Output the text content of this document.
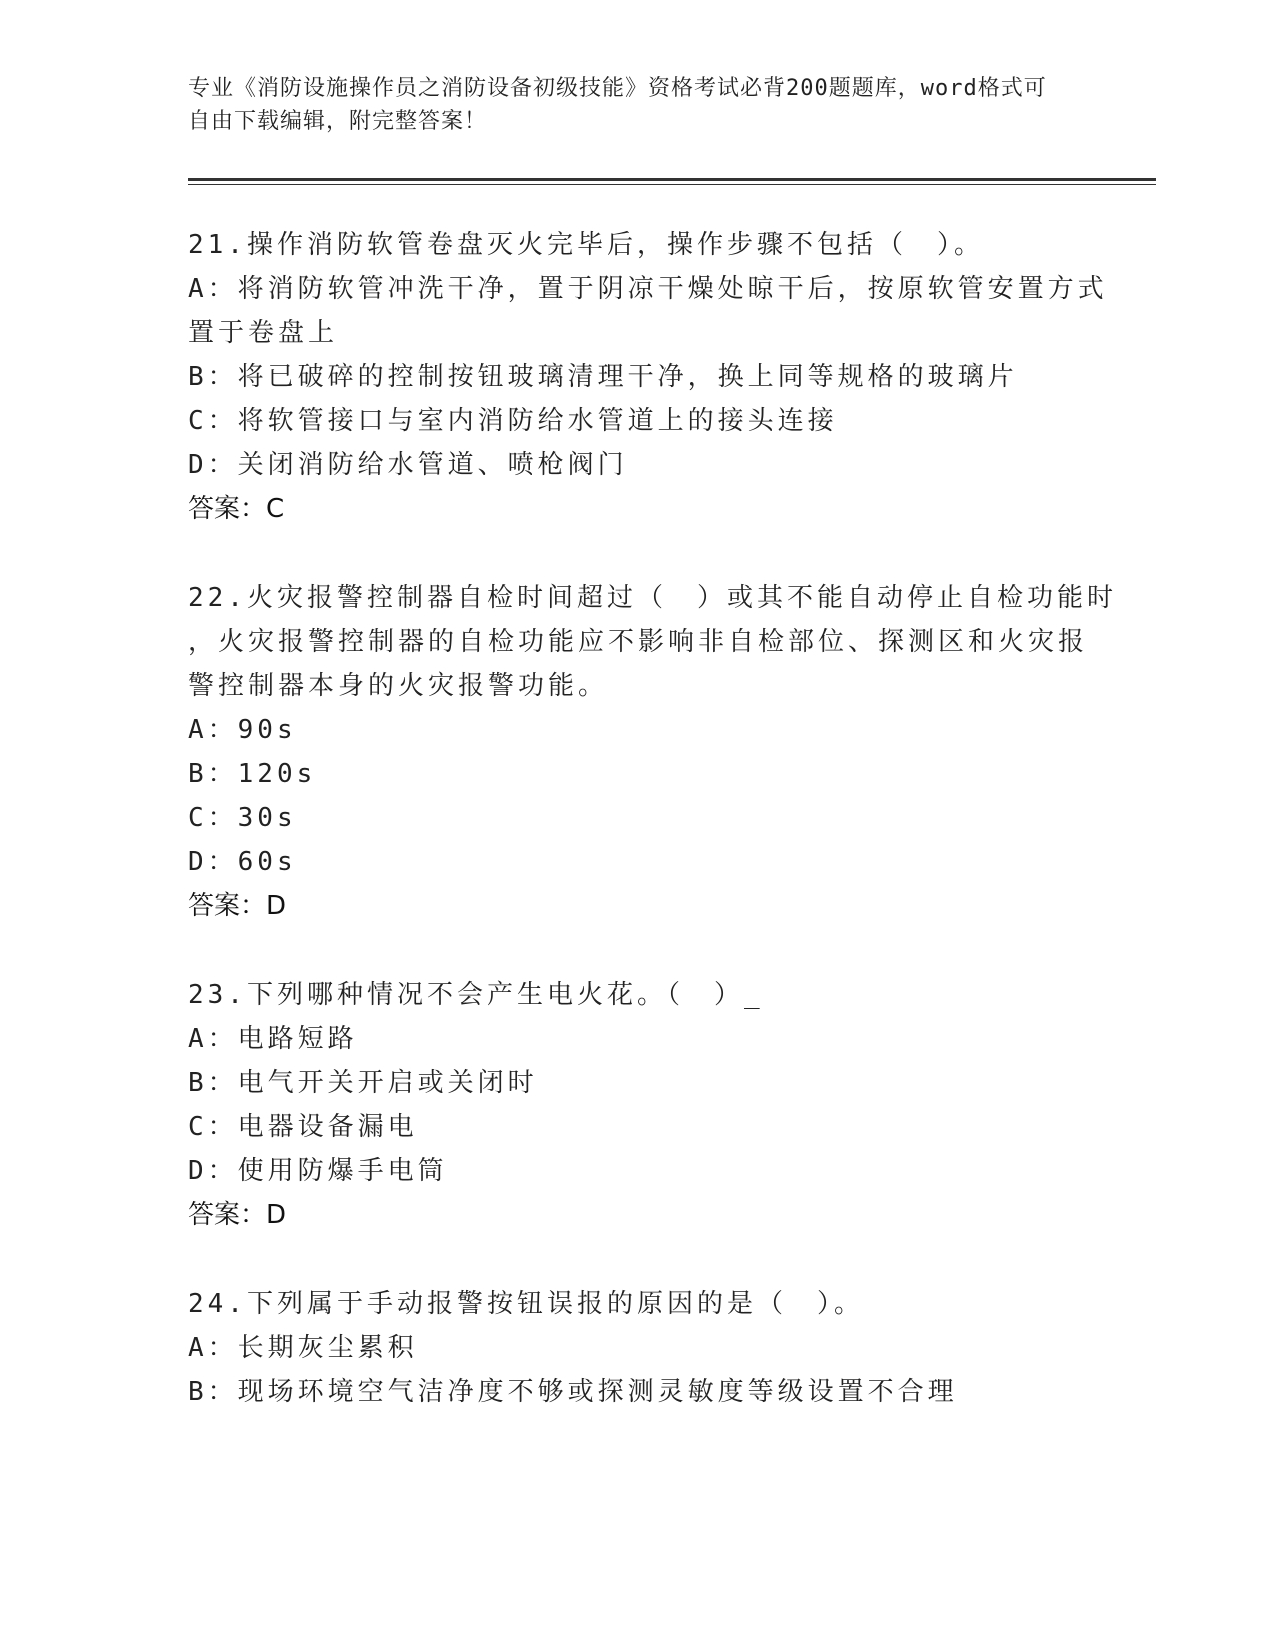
专业《消防设施操作员之消防设备初级技能》资格考试必背200题题库，word格式可自由下载编辑，附完整答案！
21.操作消防软管卷盘灭火完毕后，操作步骤不包括（　）。
A：将消防软管冲洗干净，置于阴凉干燥处晾干后，按原软管安置方式
置于卷盘上
B：将已破碎的控制按钮玻璃清理干净，换上同等规格的玻璃片
C：将软管接口与室内消防给水管道上的接头连接
D：关闭消防给水管道、喷枪阀门
答案：C
22.火灾报警控制器自检时间超过（　）或其不能自动停止自检功能时
，火灾报警控制器的自检功能应不影响非自检部位、探测区和火灾报
警控制器本身的火灾报警功能。
A：90s
B：120s
C：30s
D：60s
答案：D
23.下列哪种情况不会产生电火花。（　）_
A：电路短路
B：电气开关开启或关闭时
C：电器设备漏电
D：使用防爆手电筒
答案：D
24.下列属于手动报警按钮误报的原因的是（　）。
A：长期灰尘累积
B：现场环境空气洁净度不够或探测灵敏度等级设置不合理
